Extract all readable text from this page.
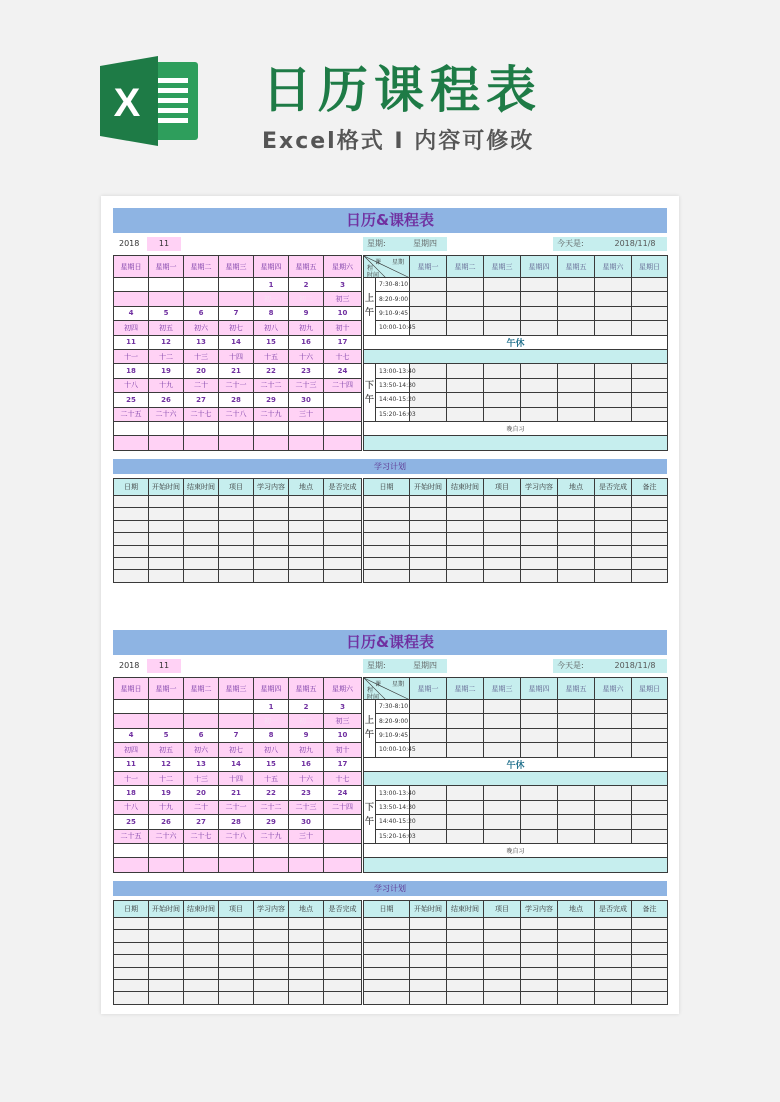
X 日历课程表
Excel格式 I 内容可修改
日历&课程表
2018	11	星期:	星期四	今天是:	2018/11/8
星期日	星期一	星期二	星期三	星期四	星期五	星期六
				1	2	3
				初一	初二	初三
4	5	6	7	8	9	10
初四	初五	初六	初七	初八	初九	初十
11	12	13	14	15	16	17
十一	十二	十三	十四	十五	十六	十七
18	19	20	21	22	23	24
十八	十九	二十	二十一	二十二	二十三	二十四
25	26	27	28	29	30	
二十五	二十六	二十七	二十八	二十九	三十	

课 星期
程
时间		星期一	星期二	星期三	星期四	星期五	星期六	星期日
上午	7:30-8:10							
	8:20-9:00							
	9:10-9:45							
	10:00-10:45							
午休								

下午	13:00-13:40							
	13:50-14:30							
	14:40-15:20							
	15:20-16:03							
晚自习								

学习计划
日期	开始时间	结束时间	项目	学习内容	地点	是否完成

							日期	开始时间	结束时间	项目	学习内容	地点	是否完成	备注

日历&课程表
2018	11	星期:	星期四	今天是:	2018/11/8
星期日	星期一	星期二	星期三	星期四	星期五	星期六
				1	2	3
				初一	初二	初三
4	5	6	7	8	9	10
初四	初五	初六	初七	初八	初九	初十
11	12	13	14	15	16	17
十一	十二	十三	十四	十五	十六	十七
18	19	20	21	22	23	24
十八	十九	二十	二十一	二十二	二十三	二十四
25	26	27	28	29	30	
二十五	二十六	二十七	二十八	二十九	三十	

课 星期
程
时间		星期一	星期二	星期三	星期四	星期五	星期六	星期日
上午	7:30-8:10							
	8:20-9:00							
	9:10-9:45							
	10:00-10:45							
午休								

下午	13:00-13:40							
	13:50-14:30							
	14:40-15:20							
	15:20-16:03							
晚自习								

学习计划
日期	开始时间	结束时间	项目	学习内容	地点	是否完成

							日期	开始时间	结束时间	项目	学习内容	地点	是否完成	备注
